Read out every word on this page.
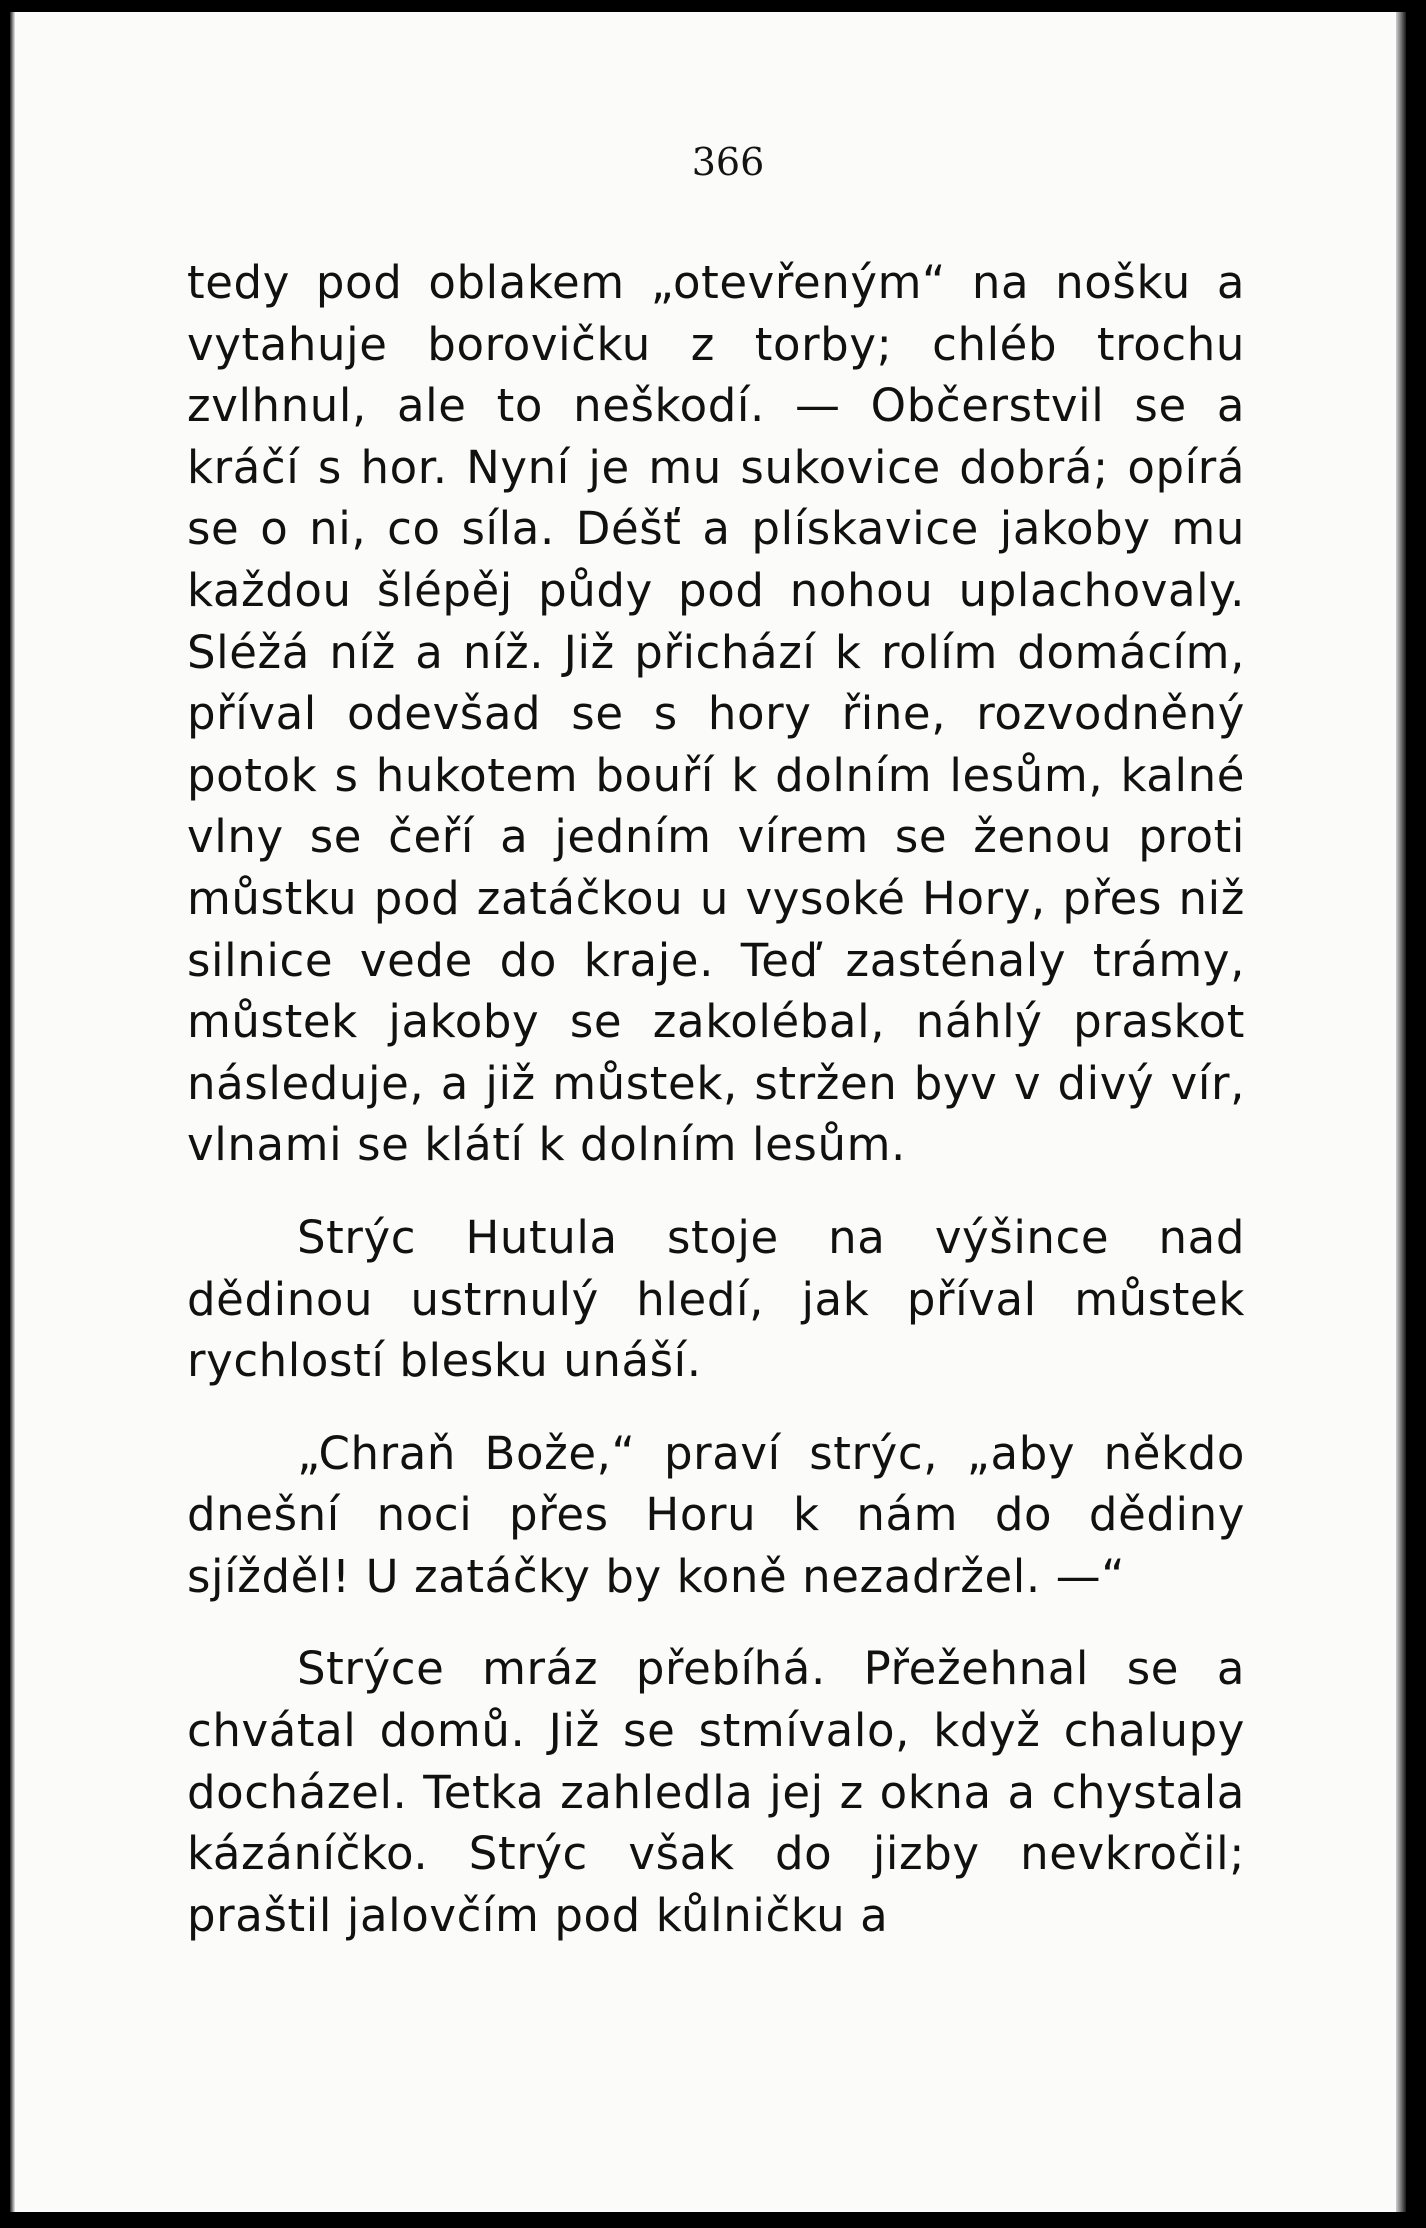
366

tedy pod oblakem „otevřeným“ na nošku a vytahuje borovičku z torby; chléb trochu zvlhnul, ale to neškodí. — Občerstvil se a kráčí s hor. Nyní je mu sukovice dobrá; opírá se o ni, co síla. Déšť a plískavice jakoby mu každou šlépěj půdy pod nohou uplachovaly. Sléžá níž a níž. Již přichází k rolím domácím, příval odevšad se s hory řine, rozvodněný potok s hukotem bouří k dolním lesům, kalné vlny se čeří a jedním vírem se ženou proti můstku pod zatáčkou u vysoké Hory, přes niž silnice vede do kraje. Teď zasténaly trámy, můstek jakoby se zakolébal, náhlý praskot následuje, a již můstek, stržen byv v divý vír, vlnami se klátí k dolním lesům.

Strýc Hutula stoje na výšince nad dědinou ustrnulý hledí, jak příval můstek rychlostí blesku unáší.

„Chraň Bože,“ praví strýc, „aby někdo dnešní noci přes Horu k nám do dědiny sjížděl! U zatáčky by koně nezadržel. —“

Strýce mráz přebíhá. Přežehnal se a chvátal domů. Již se stmívalo, když chalupy docházel. Tetka zahledla jej z okna a chystala kázáníčko. Strýc však do jizby nevkročil; praštil jalovčím pod kůlničku a
